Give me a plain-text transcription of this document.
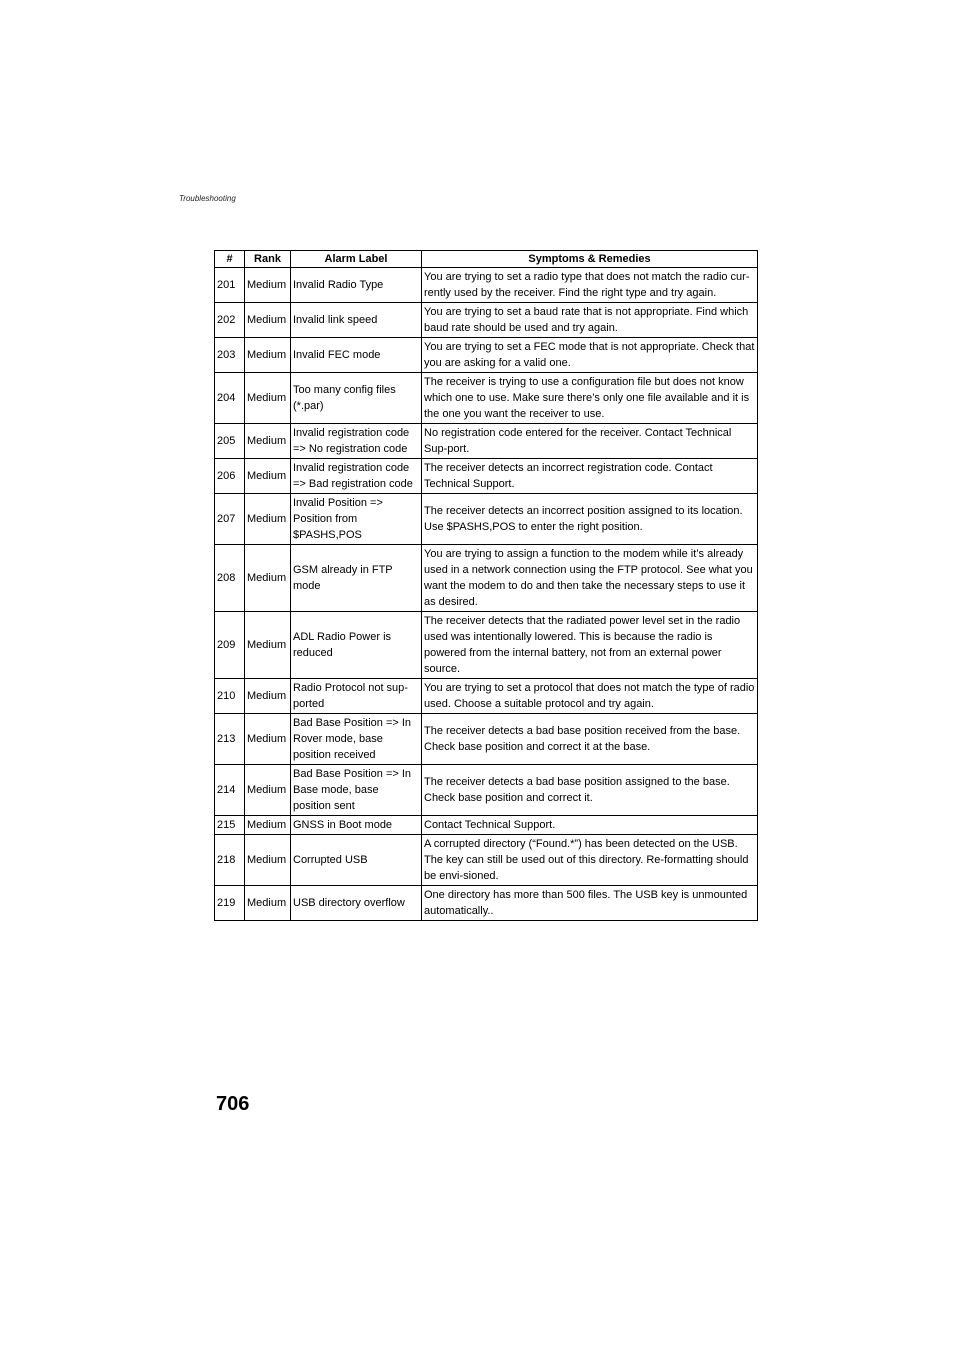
Troubleshooting
#	Rank	Alarm Label	Symptoms & Remedies
201	Medium	Invalid Radio Type	You are trying to set a radio type that does not match the radio cur-rently used by the receiver. Find the right type and try again.
202	Medium	Invalid link speed	You are trying to set a baud rate that is not appropriate. Find which baud rate should be used and try again.
203	Medium	Invalid FEC mode	You are trying to set a FEC mode that is not appropriate. Check that you are asking for a valid one.
204	Medium	Too many config files (*.par)	The receiver is trying to use a configuration file but does not know which one to use. Make sure there’s only one file available and it is the one you want the receiver to use.
205	Medium	Invalid registration code => No registration code	No registration code entered for the receiver. Contact Technical Sup-port.
206	Medium	Invalid registration code => Bad registration code	The receiver detects an incorrect registration code. Contact Technical Support.
207	Medium	Invalid Position => Position from $PASHS,POS	The receiver detects an incorrect position assigned to its location. Use $PASHS,POS to enter the right position.
208	Medium	GSM already in FTP mode	You are trying to assign a function to the modem while it’s already used in a network connection using the FTP protocol. See what you want the modem to do and then take the necessary steps to use it as desired.
209	Medium	ADL Radio Power is reduced	The receiver detects that the radiated power level set in the radio used was intentionally lowered. This is because the radio is powered from the internal battery, not from an external power source.
210	Medium	Radio Protocol not sup-ported	You are trying to set a protocol that does not match the type of radio used. Choose a suitable protocol and try again.
213	Medium	Bad Base Position => In Rover mode, base position received	The receiver detects a bad base position received from the base. Check base position and correct it at the base.
214	Medium	Bad Base Position => In Base mode, base position sent	The receiver detects a bad base position assigned to the base. Check base position and correct it.
215	Medium	GNSS in Boot mode	Contact Technical Support.
218	Medium	Corrupted USB	A corrupted directory (“Found.*”) has been detected on the USB. The key can still be used out of this directory. Re-formatting should be envi-sioned.
219	Medium	USB directory overflow	One directory has more than 500 files. The USB key is unmounted automatically..
706
